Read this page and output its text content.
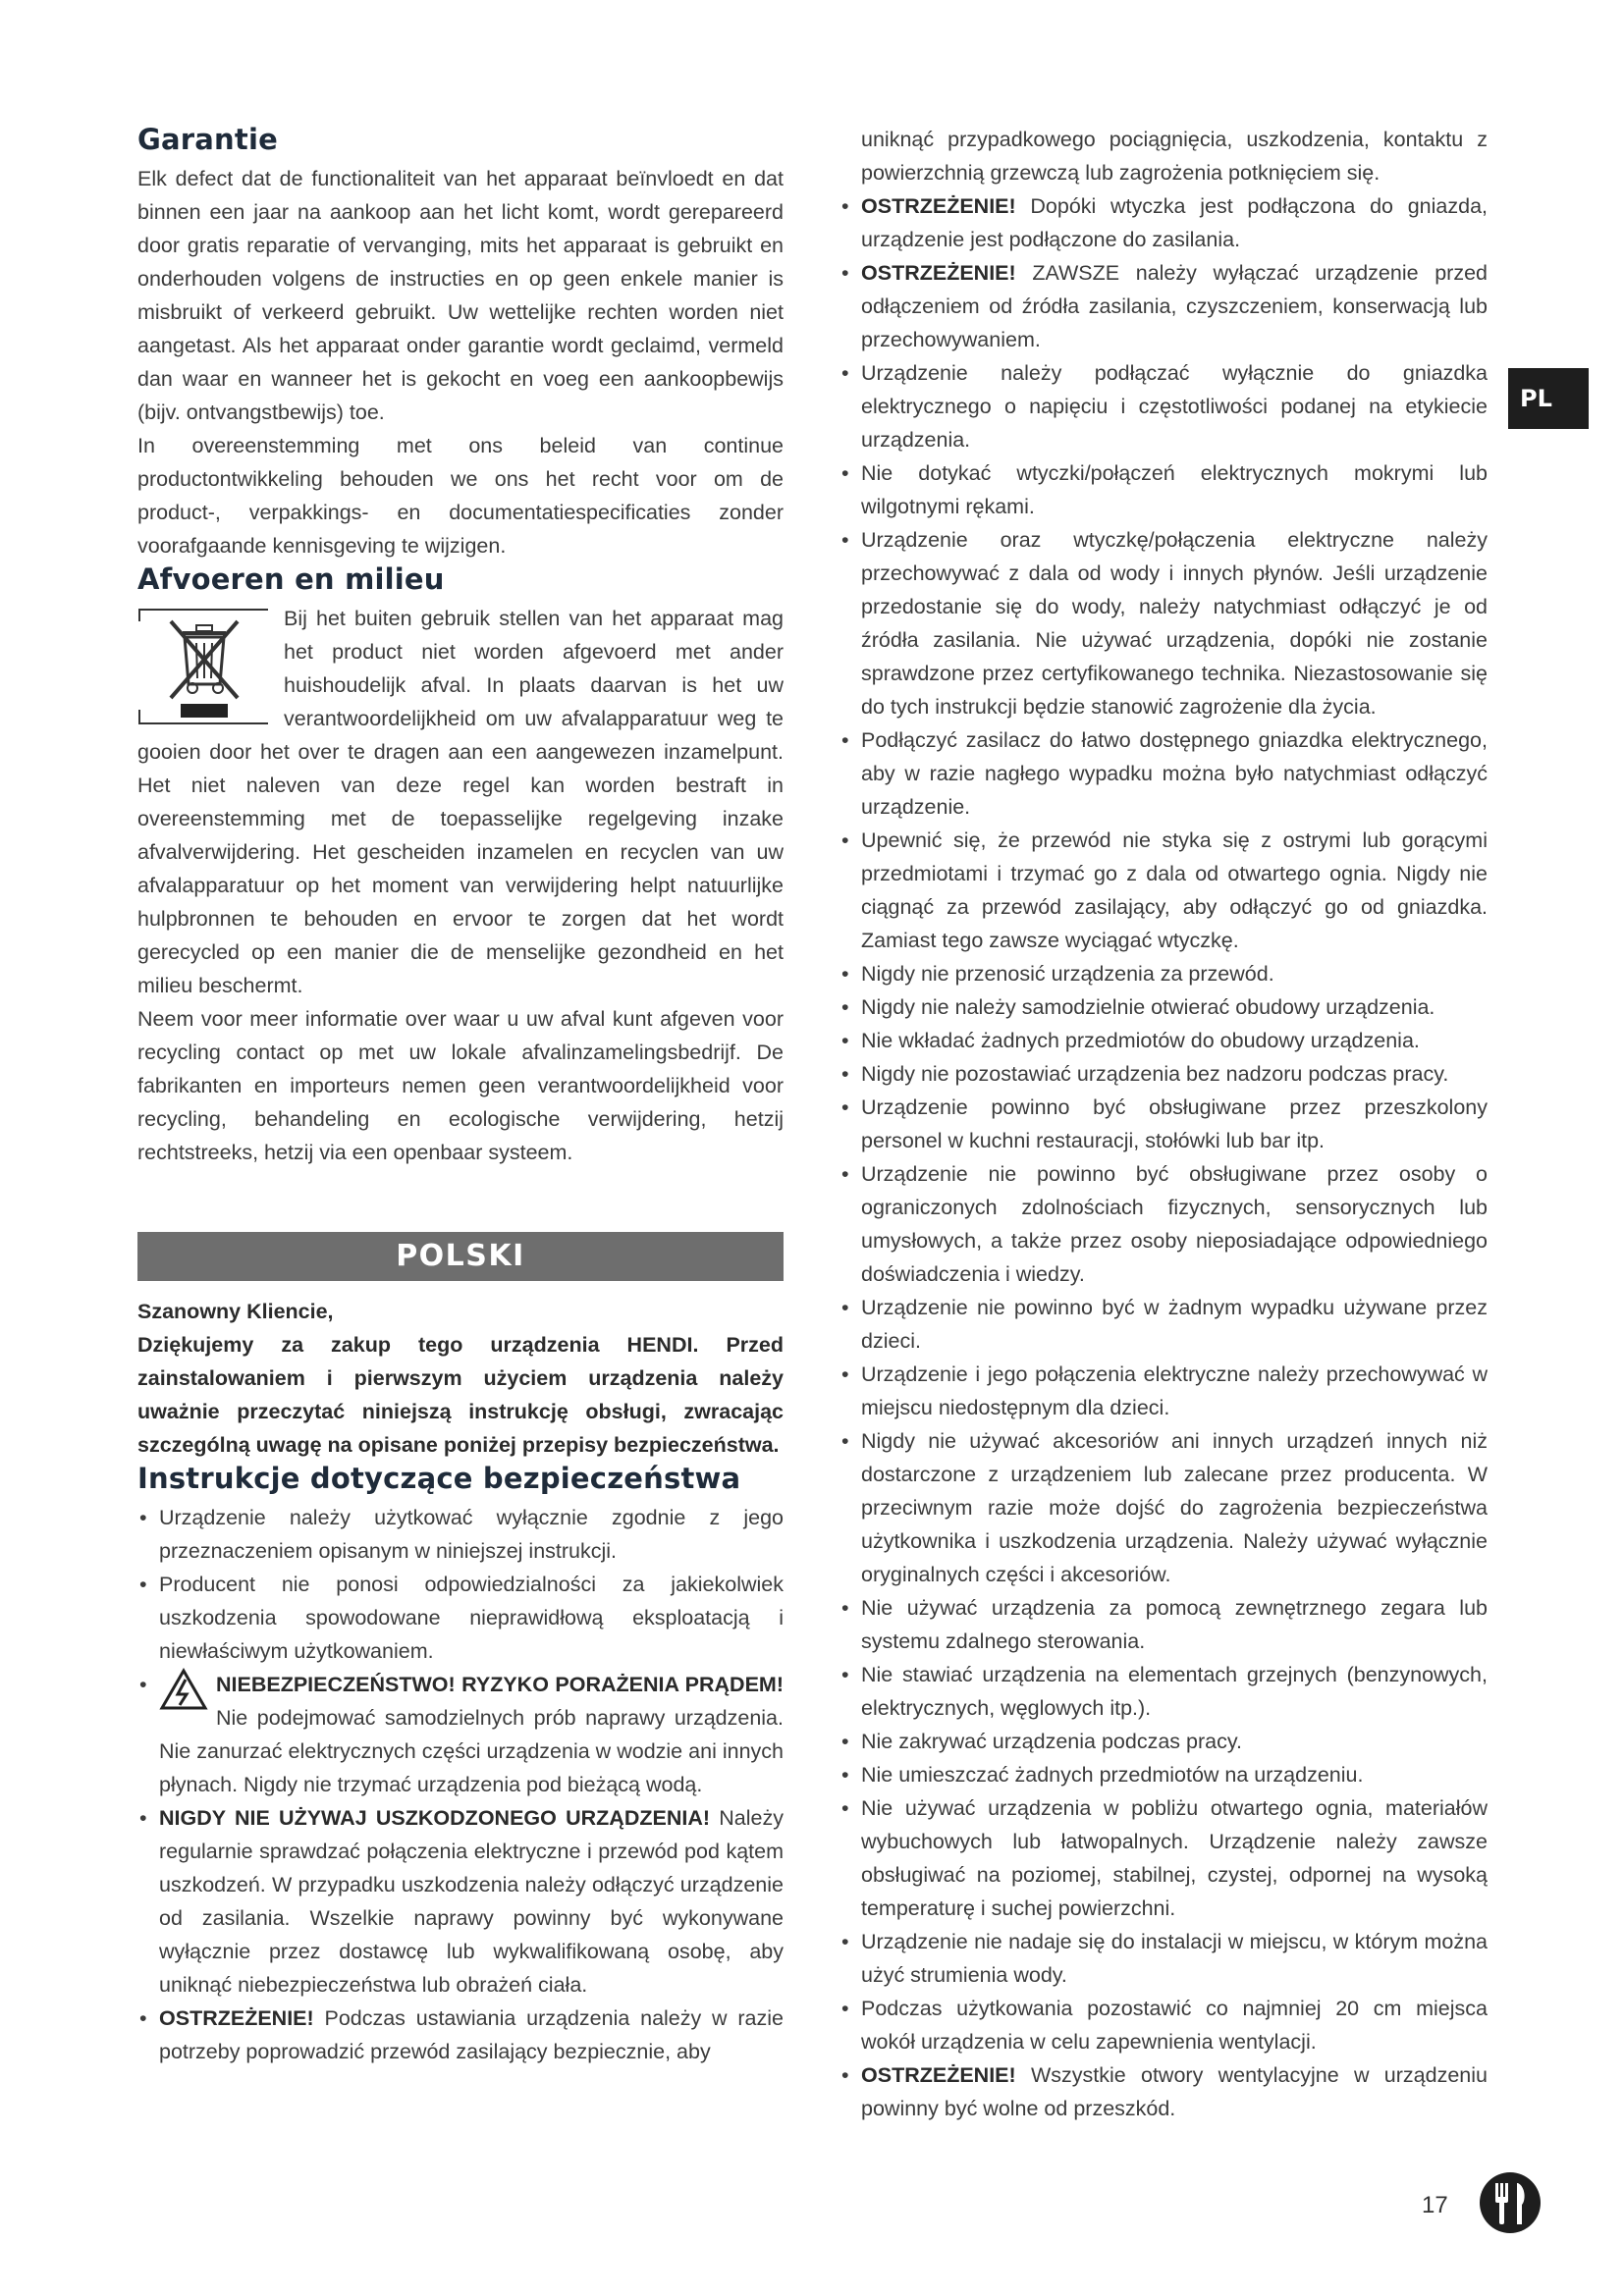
Garantie

Elk defect dat de functionaliteit van het apparaat beïnvloedt en dat binnen een jaar na aankoop aan het licht komt, wordt gerepareerd door gratis reparatie of vervanging, mits het apparaat is gebruikt en onderhouden volgens de instructies en op geen enkele manier is misbruikt of verkeerd gebruikt. Uw wettelijke rechten worden niet aangetast. Als het apparaat onder garantie wordt geclaimd, vermeld dan waar en wanneer het is gekocht en voeg een aankoopbewijs (bijv. ontvangstbewijs) toe.

In overeenstemming met ons beleid van continue productontwikkeling behouden we ons het recht voor om de product-, verpakkings- en documentatiespecificaties zonder voorafgaande kennisgeving te wijzigen.

Afvoeren en milieu

Bij het buiten gebruik stellen van het apparaat mag het product niet worden afgevoerd met ander huishoudelijk afval. In plaats daarvan is het uw verantwoordelijkheid om uw afvalapparatuur weg te gooien door het over te dragen aan een aangewezen inzamelpunt. Het niet naleven van deze regel kan worden bestraft in overeenstemming met de toepasselijke regelgeving inzake afvalverwijdering. Het gescheiden inzamelen en recyclen van uw afvalapparatuur op het moment van verwijdering helpt natuurlijke hulpbronnen te behouden en ervoor te zorgen dat het wordt gerecycled op een manier die de menselijke gezondheid en het milieu beschermt.

Neem voor meer informatie over waar u uw afval kunt afgeven voor recycling contact op met uw lokale afvalinzamelingsbedrijf. De fabrikanten en importeurs nemen geen verantwoordelijkheid voor recycling, behandeling en ecologische verwijdering, hetzij rechtstreeks, hetzij via een openbaar systeem.

POLSKI
Szanowny Kliencie,
Dziękujemy za zakup tego urządzenia HENDI. Przed zainstalowaniem i pierwszym użyciem urządzenia należy uważnie przeczytać niniejszą instrukcję obsługi, zwracając szczególną uwagę na opisane poniżej przepisy bezpieczeństwa.
Instrukcje dotyczące bezpieczeństwa
• Urządzenie należy użytkować wyłącznie zgodnie z jego przeznaczeniem opisanym w niniejszej instrukcji.
• Producent nie ponosi odpowiedzialności za jakiekolwiek uszkodzenia spowodowane nieprawidłową eksploatacją i niewłaściwym użytkowaniem.
• NIEBEZPIECZEŃSTWO! RYZYKO PORAŻENIA PRĄDEM! Nie podejmować samodzielnych prób naprawy urządzenia. Nie zanurzać elektrycznych części urządzenia w wodzie ani innych płynach. Nigdy nie trzymać urządzenia pod bieżącą wodą.
• NIGDY NIE UŻYWAJ USZKODZONEGO URZĄDZENIA! Należy regularnie sprawdzać połączenia elektryczne i przewód pod kątem uszkodzeń. W przypadku uszkodzenia należy odłączyć urządzenie od zasilania. Wszelkie naprawy powinny być wykonywane wyłącznie przez dostawcę lub wykwalifikowaną osobę, aby uniknąć niebezpieczeństwa lub obrażeń ciała.
• OSTRZEŻENIE! Podczas ustawiania urządzenia należy w razie potrzeby poprowadzić przewód zasilający bezpiecznie, aby

uniknąć przypadkowego pociągnięcia, uszkodzenia, kontaktu z powierzchnią grzewczą lub zagrożenia potknięciem się.

• OSTRZEŻENIE! Dopóki wtyczka jest podłączona do gniazda, urządzenie jest podłączone do zasilania.
• OSTRZEŻENIE! ZAWSZE należy wyłączać urządzenie przed odłączeniem od źródła zasilania, czyszczeniem, konserwacją lub przechowywaniem.
• Urządzenie należy podłączać wyłącznie do gniazdka elektrycznego o napięciu i częstotliwości podanej na etykiecie urządzenia.
• Nie dotykać wtyczki/połączeń elektrycznych mokrymi lub wilgotnymi rękami.
• Urządzenie oraz wtyczkę/połączenia elektryczne należy przechowywać z dala od wody i innych płynów. Jeśli urządzenie przedostanie się do wody, należy natychmiast odłączyć je od źródła zasilania. Nie używać urządzenia, dopóki nie zostanie sprawdzone przez certyfikowanego technika. Niezastosowanie się do tych instrukcji będzie stanowić zagrożenie dla życia.
• Podłączyć zasilacz do łatwo dostępnego gniazdka elektrycznego, aby w razie nagłego wypadku można było natychmiast odłączyć urządzenie.
• Upewnić się, że przewód nie styka się z ostrymi lub gorącymi przedmiotami i trzymać go z dala od otwartego ognia. Nigdy nie ciągnąć za przewód zasilający, aby odłączyć go od gniazdka. Zamiast tego zawsze wyciągać wtyczkę.
• Nigdy nie przenosić urządzenia za przewód.
• Nigdy nie należy samodzielnie otwierać obudowy urządzenia.
• Nie wkładać żadnych przedmiotów do obudowy urządzenia.
• Nigdy nie pozostawiać urządzenia bez nadzoru podczas pracy.
• Urządzenie powinno być obsługiwane przez przeszkolony personel w kuchni restauracji, stołówki lub bar itp.
• Urządzenie nie powinno być obsługiwane przez osoby o ograniczonych zdolnościach fizycznych, sensorycznych lub umysłowych, a także przez osoby nieposiadające odpowiedniego doświadczenia i wiedzy.
• Urządzenie nie powinno być w żadnym wypadku używane przez dzieci.
• Urządzenie i jego połączenia elektryczne należy przechowywać w miejscu niedostępnym dla dzieci.
• Nigdy nie używać akcesoriów ani innych urządzeń innych niż dostarczone z urządzeniem lub zalecane przez producenta. W przeciwnym razie może dojść do zagrożenia bezpieczeństwa użytkownika i uszkodzenia urządzenia. Należy używać wyłącznie oryginalnych części i akcesoriów.
• Nie używać urządzenia za pomocą zewnętrznego zegara lub systemu zdalnego sterowania.
• Nie stawiać urządzenia na elementach grzejnych (benzynowych, elektrycznych, węglowych itp.).
• Nie zakrywać urządzenia podczas pracy.
• Nie umieszczać żadnych przedmiotów na urządzeniu.
• Nie używać urządzenia w pobliżu otwartego ognia, materiałów wybuchowych lub łatwopalnych. Urządzenie należy zawsze obsługiwać na poziomej, stabilnej, czystej, odpornej na wysoką temperaturę i suchej powierzchni.
• Urządzenie nie nadaje się do instalacji w miejscu, w którym można użyć strumienia wody.
• Podczas użytkowania pozostawić co najmniej 20 cm miejsca wokół urządzenia w celu zapewnienia wentylacji.
• OSTRZEŻENIE! Wszystkie otwory wentylacyjne w urządzeniu powinny być wolne od przeszkód.
PL
17
